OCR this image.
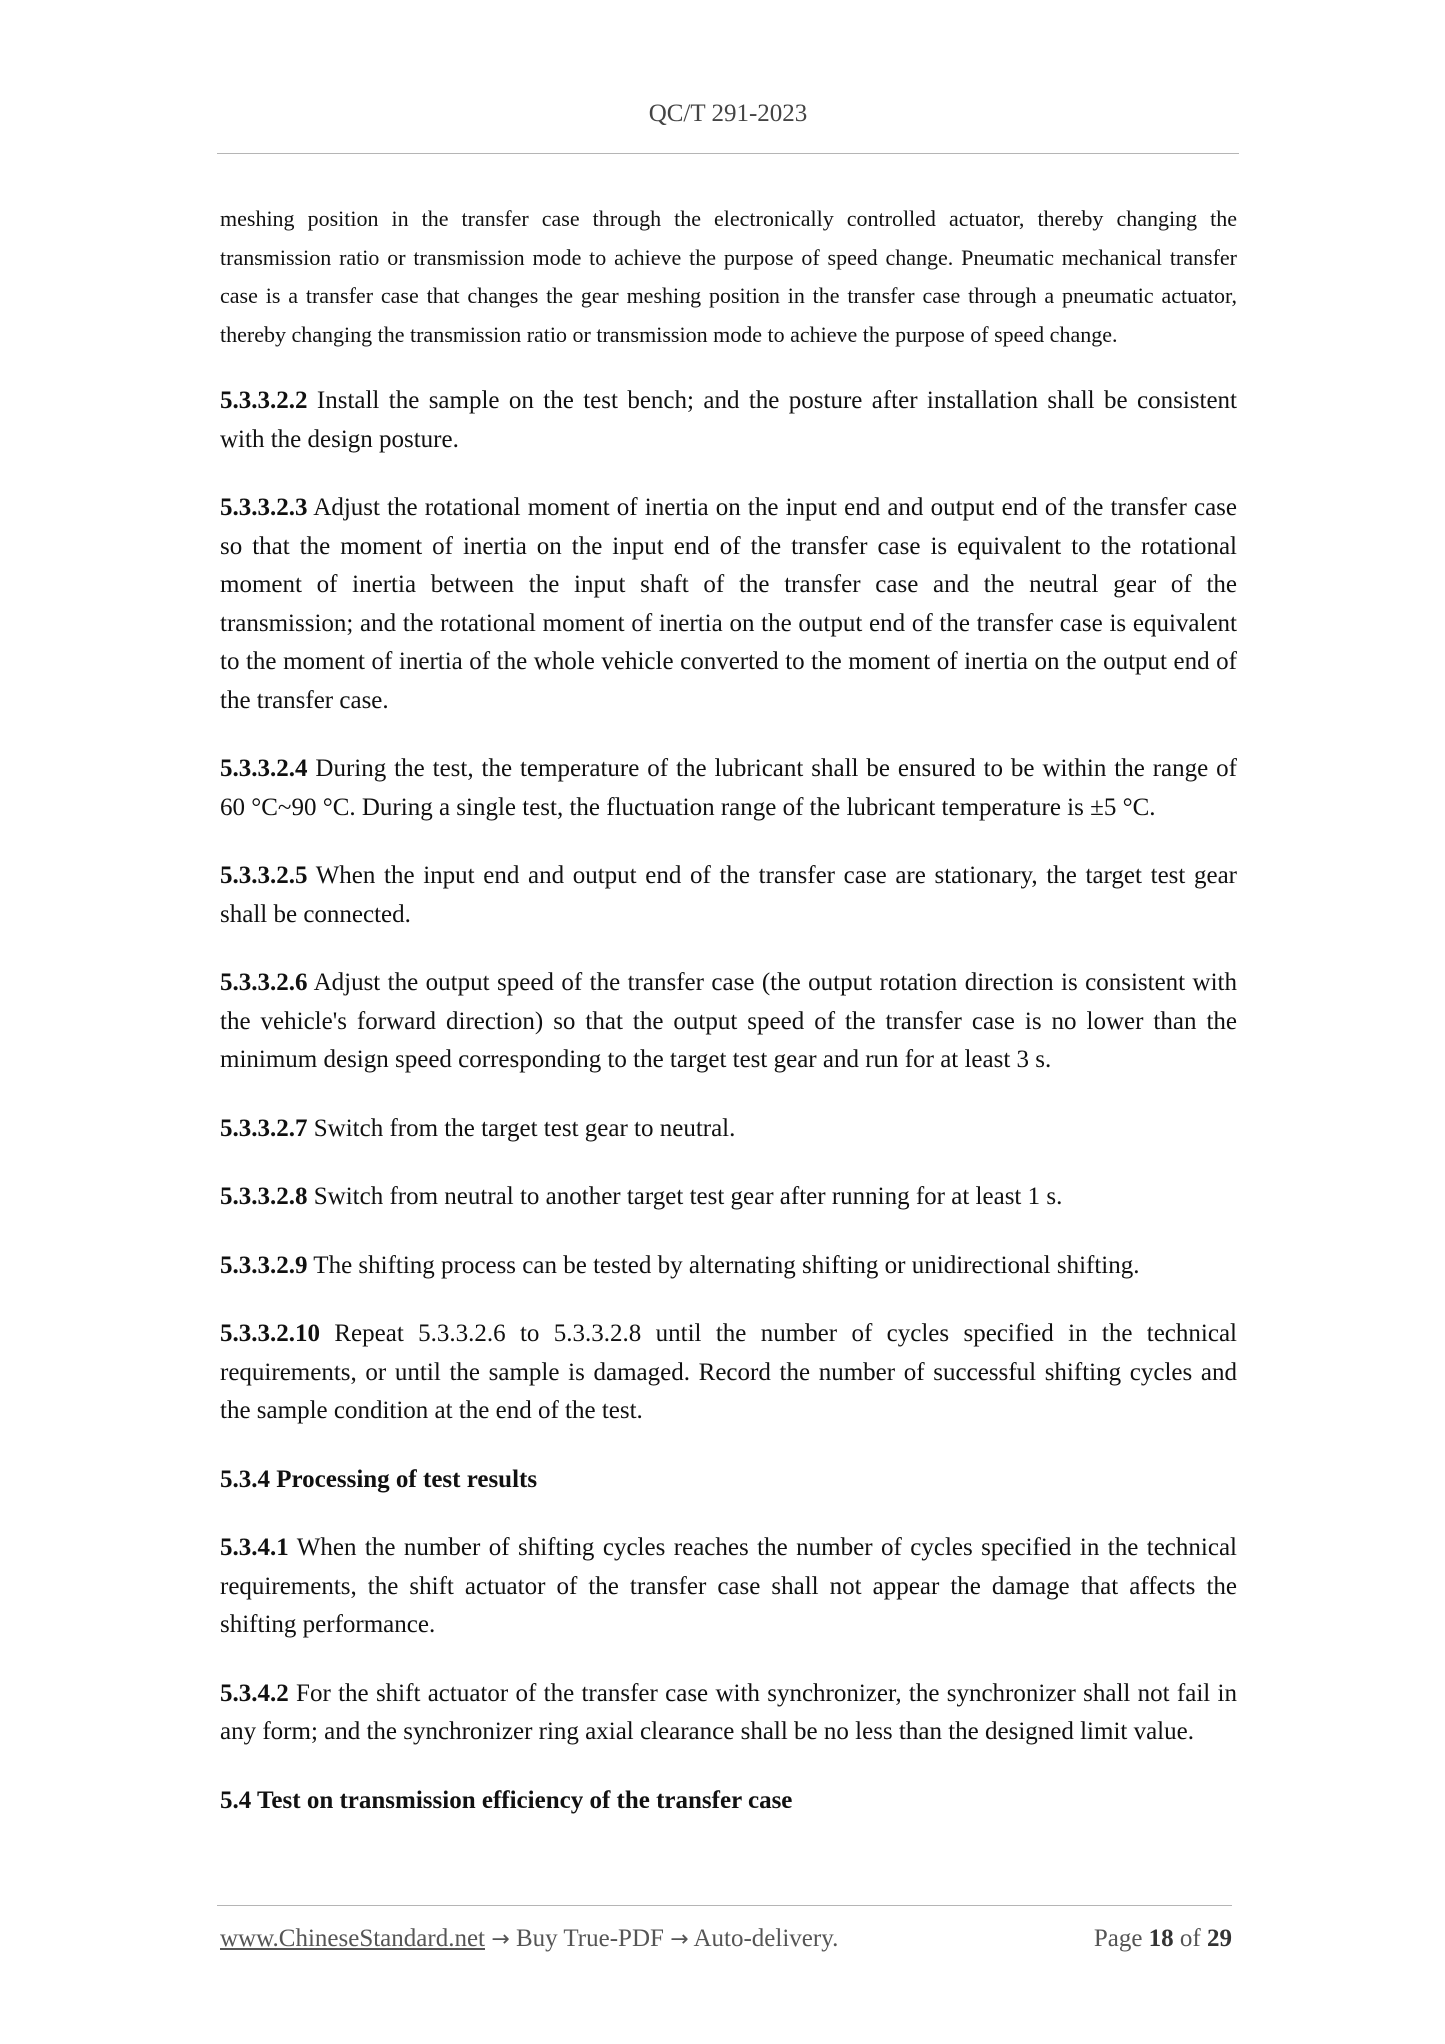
QC/T 291-2023

meshing position in the transfer case through the electronically controlled actuator, thereby changing the transmission ratio or transmission mode to achieve the purpose of speed change. Pneumatic mechanical transfer case is a transfer case that changes the gear meshing position in the transfer case through a pneumatic actuator, thereby changing the transmission ratio or transmission mode to achieve the purpose of speed change.

5.3.3.2.2 Install the sample on the test bench; and the posture after installation shall be consistent with the design posture.

5.3.3.2.3 Adjust the rotational moment of inertia on the input end and output end of the transfer case so that the moment of inertia on the input end of the transfer case is equivalent to the rotational moment of inertia between the input shaft of the transfer case and the neutral gear of the transmission; and the rotational moment of inertia on the output end of the transfer case is equivalent to the moment of inertia of the whole vehicle converted to the moment of inertia on the output end of the transfer case.

5.3.3.2.4 During the test, the temperature of the lubricant shall be ensured to be within the range of 60 °C~90 °C. During a single test, the fluctuation range of the lubricant temperature is ±5 °C.

5.3.3.2.5 When the input end and output end of the transfer case are stationary, the target test gear shall be connected.

5.3.3.2.6 Adjust the output speed of the transfer case (the output rotation direction is consistent with the vehicle's forward direction) so that the output speed of the transfer case is no lower than the minimum design speed corresponding to the target test gear and run for at least 3 s.

5.3.3.2.7 Switch from the target test gear to neutral.

5.3.3.2.8 Switch from neutral to another target test gear after running for at least 1 s.

5.3.3.2.9 The shifting process can be tested by alternating shifting or unidirectional shifting.

5.3.3.2.10 Repeat 5.3.3.2.6 to 5.3.3.2.8 until the number of cycles specified in the technical requirements, or until the sample is damaged. Record the number of successful shifting cycles and the sample condition at the end of the test.

5.3.4 Processing of test results

5.3.4.1 When the number of shifting cycles reaches the number of cycles specified in the technical requirements, the shift actuator of the transfer case shall not appear the damage that affects the shifting performance.

5.3.4.2 For the shift actuator of the transfer case with synchronizer, the synchronizer shall not fail in any form; and the synchronizer ring axial clearance shall be no less than the designed limit value.

5.4 Test on transmission efficiency of the transfer case

www.ChineseStandard.net → Buy True-PDF → Auto-delivery.	Page 18 of 29
